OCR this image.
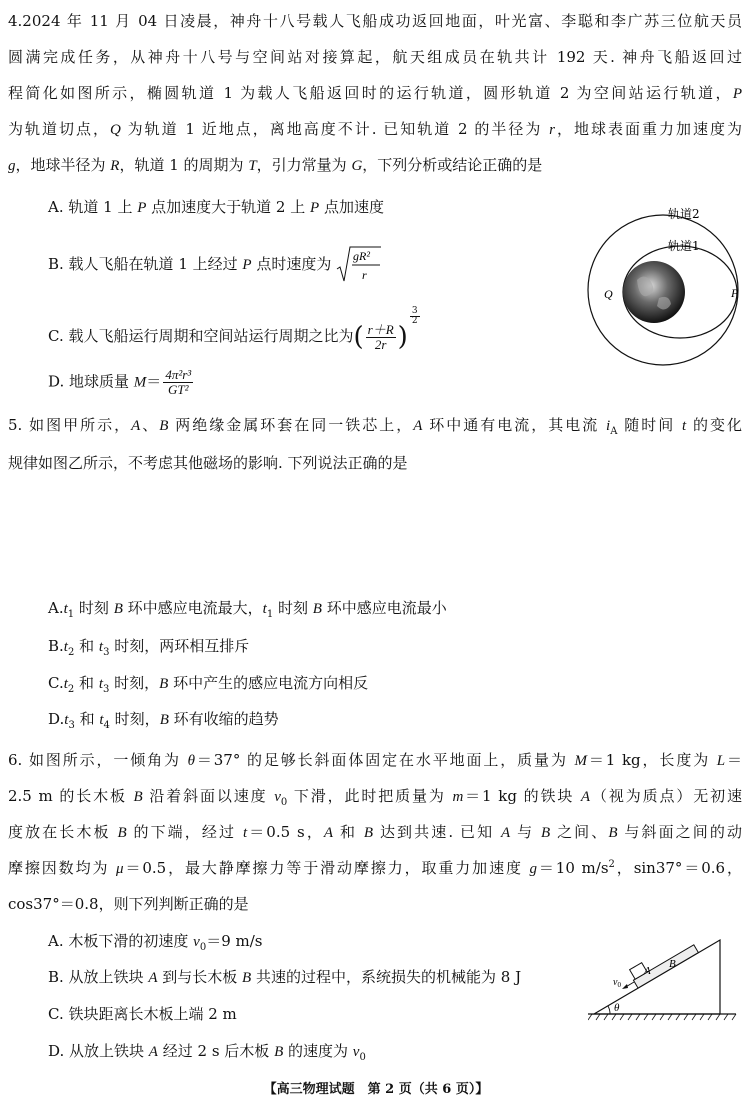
4.2024 年 11 月 04 日凌晨，神舟十八号载人飞船成功返回地面，叶光富、李聪和李广苏三位航天员
圆满完成任务，从神舟十八号与空间站对接算起，航天组成员在轨共计 192 天. 神舟飞船返回过
程简化如图所示，椭圆轨道 1 为载人飞船返回时的运行轨道，圆形轨道 2 为空间站运行轨道，P
为轨道切点，Q 为轨道 1 近地点，离地高度不计. 已知轨道 2 的半径为 r，地球表面重力加速度为
g，地球半径为 R，轨道 1 的周期为 T，引力常量为 G，下列分析或结论正确的是
A. 轨道 1 上 P 点加速度大于轨道 2 上 P 点加速度
B. 载人飞船在轨道 1 上经过 P 点时速度为 gR²
r
C. 载人飞船运行周期和空间站运行周期之比为( $\frac{r+R}{2r}$ )
$\frac{3}{2}$
D. 地球质量 $M= \frac{\text{4π²r³}}{\text{GT²}}$
轨道2
轨道1
Q	P
5. 如图甲所示，A、B 两绝缘金属环套在同一铁芯上，A 环中通有电流，其电流 $i_A$ 随时间 t 的变化
规律如图乙所示，不考虑其他磁场的影响. 下列说法正确的是
$A.t_1$ 时刻 B 环中感应电流最大，$t_1$ 时刻 B 环中感应电流最小
$B.t_2$ 和 $t_3$ 时刻，两环相互排斥
$C.t_2$ 和 $t_3$ 时刻，B 环中产生的感应电流方向相反
$D.t_3$ 和 $t_4$ 时刻，B 环有收缩的趋势
6. 如图所示，一倾角为 θ＝37° 的足够长斜面体固定在水平地面上，质量为 M＝1 kg，长度为 L＝
2.5 m 的长木板 B 沿着斜面以速度 $v_0$ 下滑，此时把质量为 m＝1 kg 的铁块 A（视为质点）无初速
度放在长木板 B 的下端，经过 t＝0.5 s，A 和 B 达到共速. 已知 A 与 B 之间、B 与斜面之间的动
摩擦因数均为 μ＝0.5，最大静摩擦力等于滑动摩擦力，取重力加速度 g＝10 $m/s^2$，sin37°＝0.6，
cos37°＝0.8，则下列判断正确的是
A. 木板下滑的初速度 $v_0=9$ m/s
B. 从放上铁块 A 到与长木板 B 共速的过程中，系统损失的机械能为 8 J
C. 铁块距离长木板上端 2 m
D. 从放上铁块 A 经过 2 s 后木板 B 的速度为 $v_0$
A
B
$v_0$
θ
【高三物理试题　第 2 页（共 6 页）】
